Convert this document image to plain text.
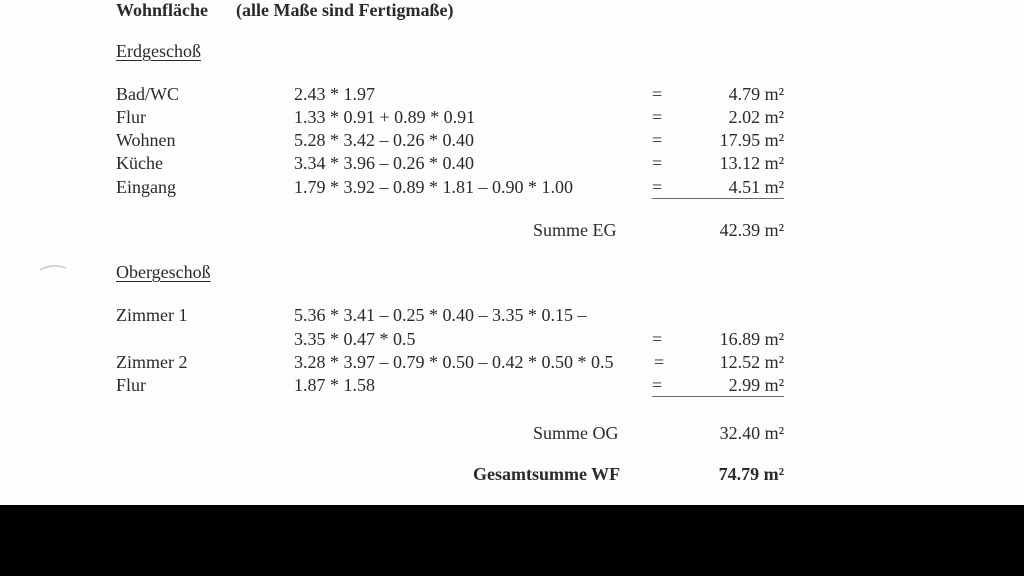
Wohnfläche (alle Maße sind Fertigmaße)
Erdgeschoß
Bad/WC	2.43 * 1.97	=	4.79 m²
Flur	1.33 * 0.91 + 0.89 * 0.91	=	2.02 m²
Wohnen	5.28 * 3.42 – 0.26 * 0.40	=	17.95 m²
Küche	3.34 * 3.96 – 0.26 * 0.40	=	13.12 m²
Eingang	1.79 * 3.92 – 0.89 * 1.81 – 0.90 * 1.00	=	4.51 m²
Summe EG	42.39 m²
Obergeschoß
Zimmer 1	5.36 * 3.41 – 0.25 * 0.40 – 3.35 * 0.15 –
3.35 * 0.47 * 0.5	=	16.89 m²
Zimmer 2	3.28 * 3.97 – 0.79 * 0.50 – 0.42 * 0.50 * 0.5 =	12.52 m²
Flur	1.87 * 1.58	=	2.99 m²
Summe OG	32.40 m²
Gesamtsumme WF	74.79 m²
